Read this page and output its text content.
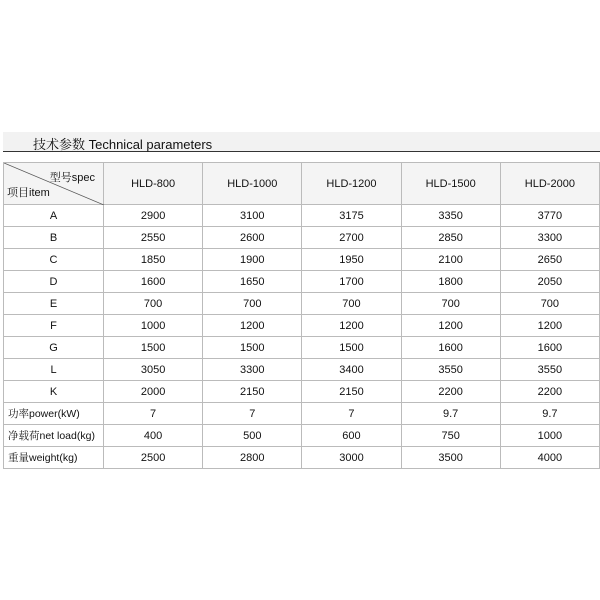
技术参数 Technical parameters
型号spec
项目item	HLD-800	HLD-1000	HLD-1200	HLD-1500	HLD-2000
A	2900	3100	3175	3350	3770
B	2550	2600	2700	2850	3300
C	1850	1900	1950	2100	2650
D	1600	1650	1700	1800	2050
E	700	700	700	700	700
F	1000	1200	1200	1200	1200
G	1500	1500	1500	1600	1600
L	3050	3300	3400	3550	3550
K	2000	2150	2150	2200	2200
功率power(kW)	7	7	7	9.7	9.7
净载荷net load(kg)	400	500	600	750	1000
重量weight(kg)	2500	2800	3000	3500	4000
